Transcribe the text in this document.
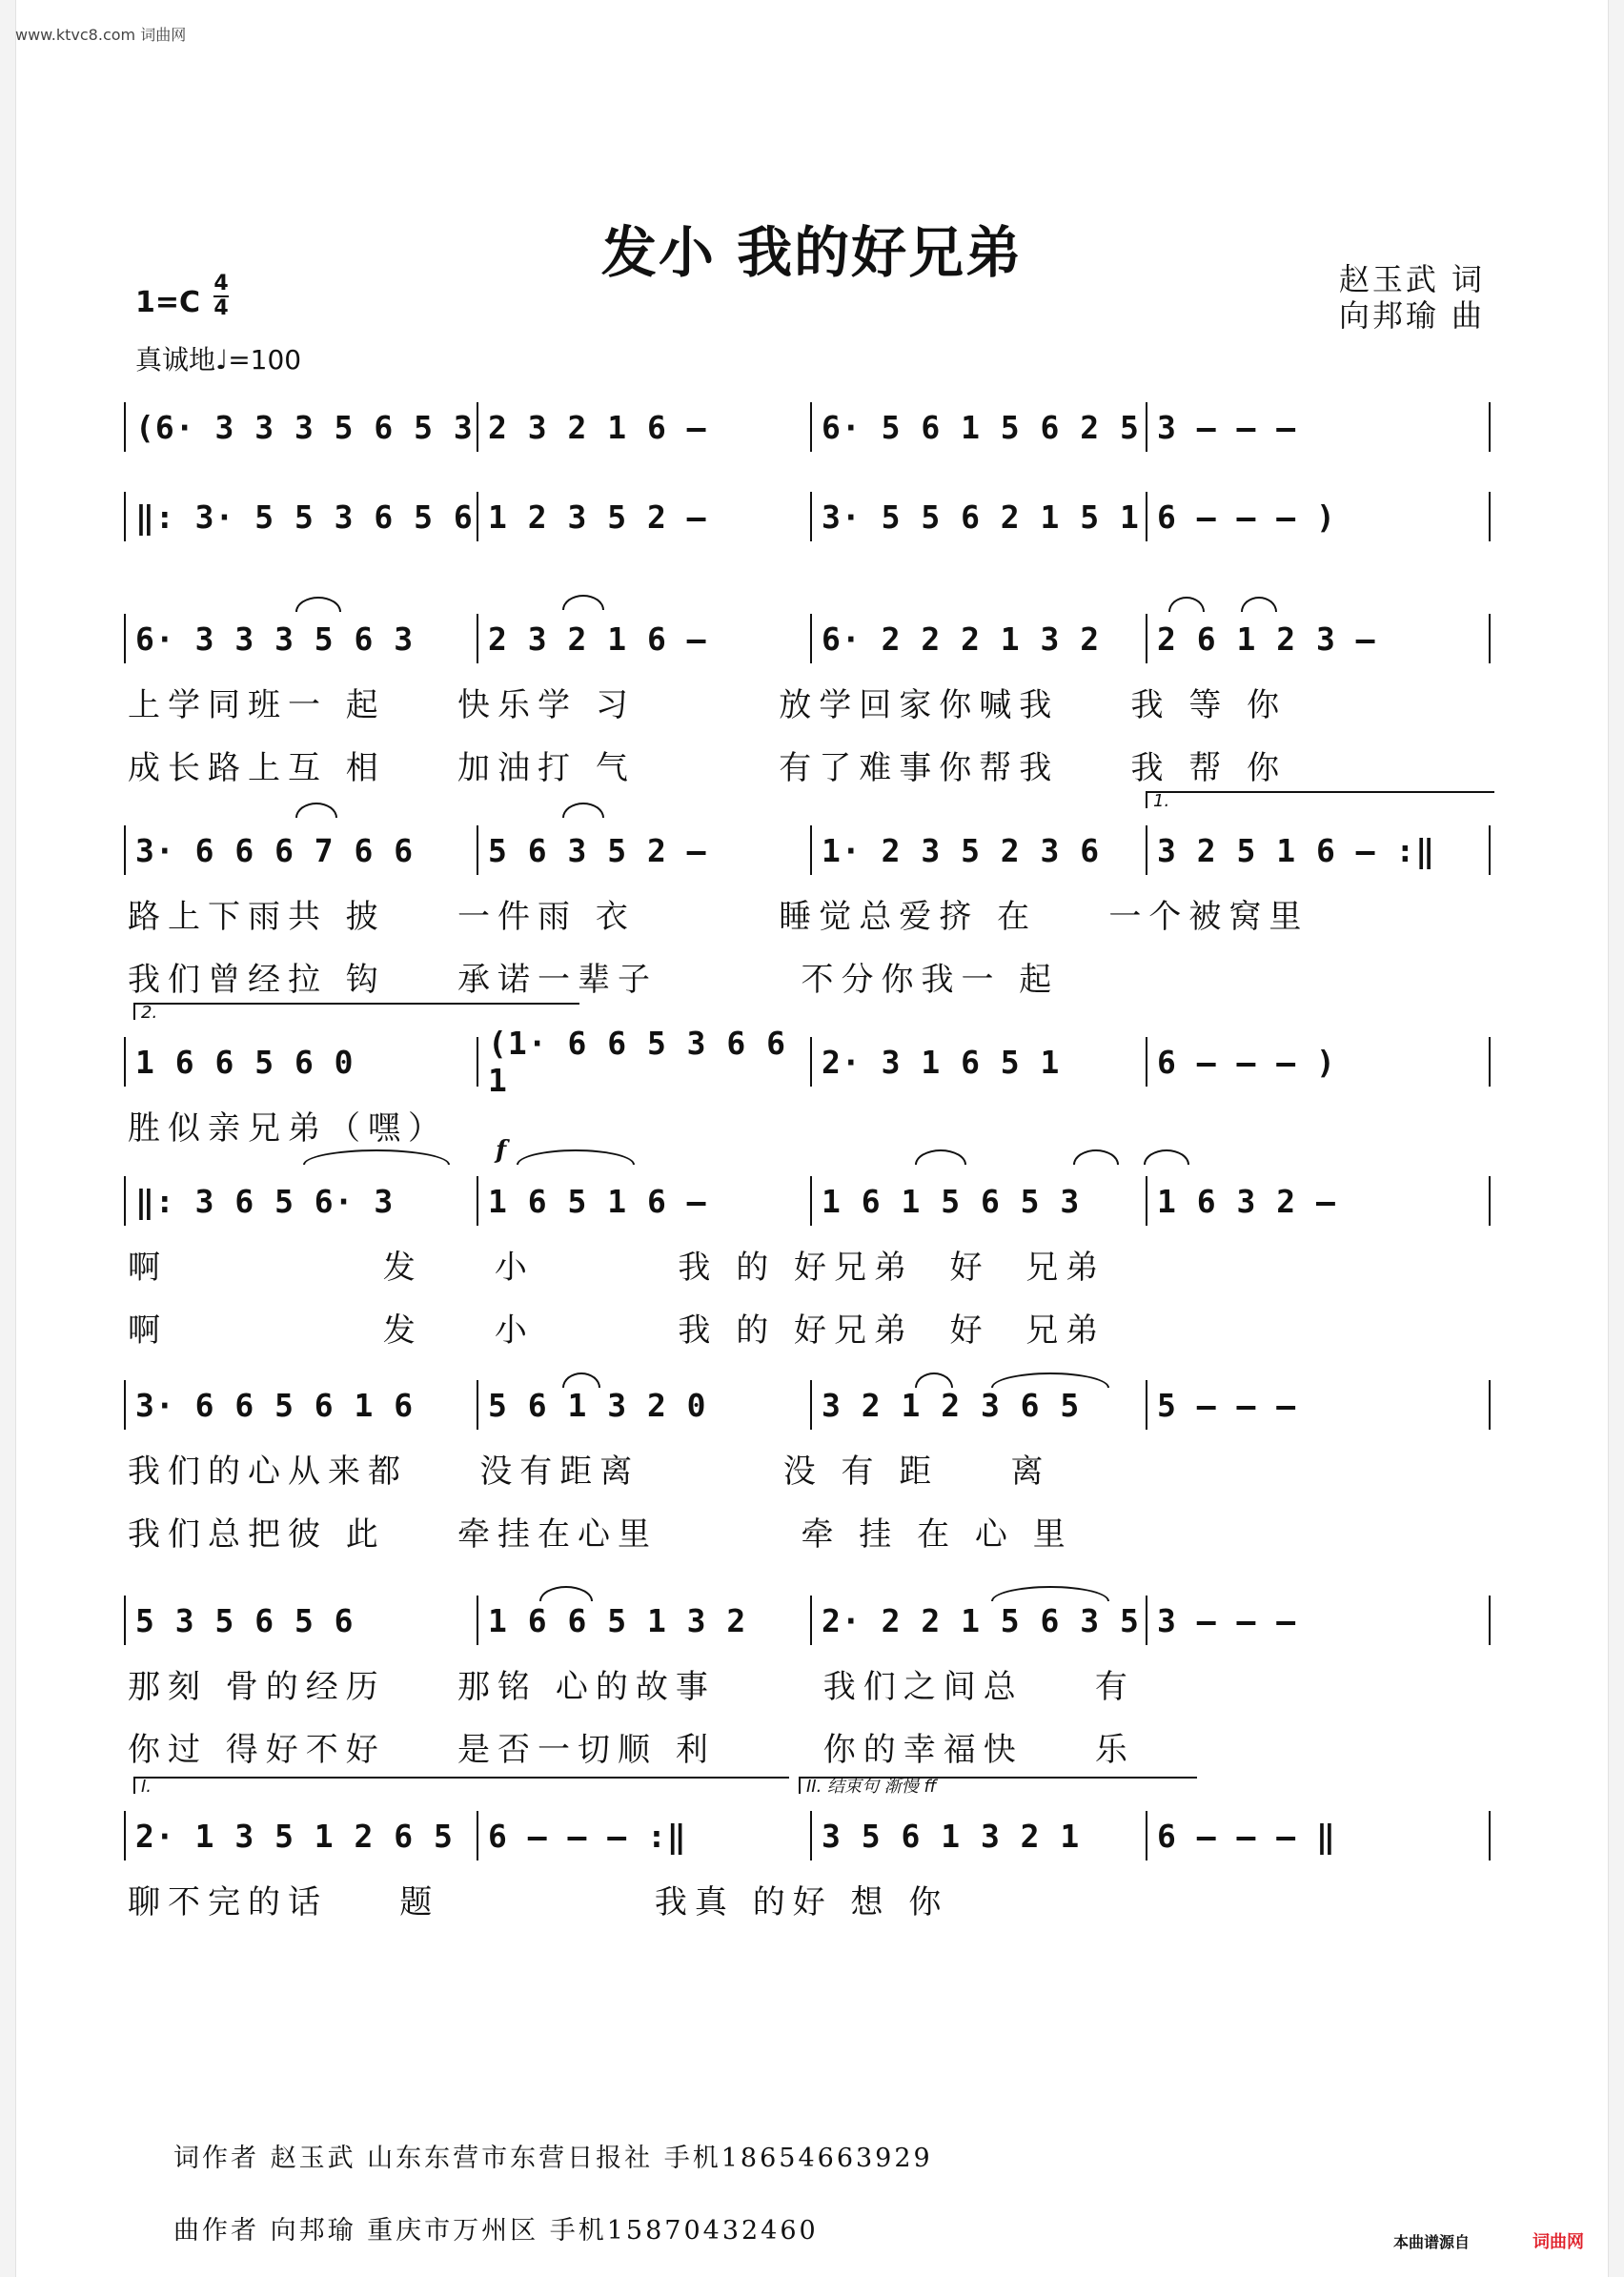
www.ktvc8.com 词曲网
发小 我的好兄弟	赵玉武 词
向邦瑜 曲
1=C
4
4
真诚地♩=100
(6· 3 3 3 5 6 5 3 2 3 2 1 6 –	6· 5 6 1 5 6 2 5 3 – – –
‖: 3· 5 5 3 6 5 6 1 2 3 5 2 –	3· 5 5 6 2 1 5 1 6 – – – )
6· 3 3 3 5 6 3	2 3 2 1 6 –	6· 2 2 2 1 3 2	2 6 1 2 3 –
上学同班一 起    快乐学 习        放学回家你喊我    我 等 你
成长路上互 相    加油打 气        有了难事你帮我    我 帮 你
3· 6 6 6 7 6 6	5 6 3 5 2 –	1· 2 3 5 2 3 6	3 2 5 1 6 – :‖
路上下雨共 披    一件雨 衣        睡觉总爱挤 在    一个被窝里
我们曾经拉 钩    承诺一辈子        不分你我一 起
1 6 6 5 6 0	(1· 6 6 5 3 6 6 1	2· 3 1 6 5 1	6 – – – )
胜似亲兄弟（嘿）
‖: 3 6 5 6· 3	1 6 5 1 6 –	1 6 1 5 6 5 3	1 6 3 2 –
啊            发    小        我 的 好兄弟  好  兄弟
啊            发    小        我 的 好兄弟  好  兄弟
3· 6 6 5 6 1 6	5 6 1 3 2 0	3 2 1 2 3 6 5	5 – – –
我们的心从来都    没有距离        没 有 距    离
我们总把彼 此    牵挂在心里        牵 挂 在 心 里
5 3 5 6 5 6	1 6 6 5 1 3 2	2· 2 2 1 5 6 3 5 3 – – –
那刻 骨的经历    那铭 心的故事      我们之间总    有
你过 得好不好    是否一切顺 利      你的幸福快    乐
2· 1 3 5 1 2 6 5	6 – – – :‖	3 5 6 1 3 2 1	6 – – – ‖
聊不完的话    题            我真 的好 想 你
词作者 赵玉武 山东东营市东营日报社 手机18654663929
曲作者 向邦瑜 重庆市万州区 手机15870432460	本曲谱源自	词曲网
1.
2.
I.	II. 结束句 渐慢 ff
f
